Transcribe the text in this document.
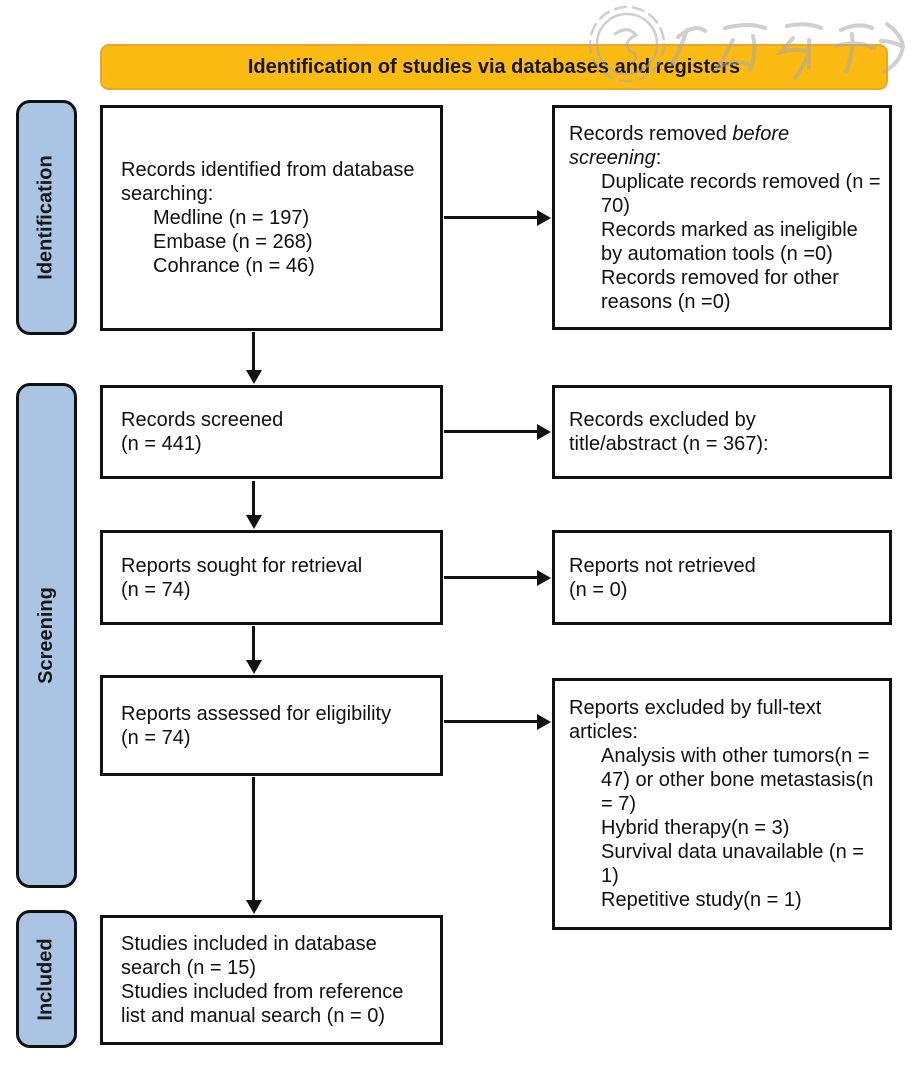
Identification of studies via databases and registers
Identification
Screening
Included
Records identified from database
searching:
Medline (n = 197)
Embase (n = 268)
Cohrance (n = 46)
Records removed before
screening:
Duplicate records removed (n = 70)
Records marked as ineligible by automation tools (n =0)
Records removed for other reasons (n =0)
Records screened
(n = 441)
Records excluded by
title/abstract (n = 367):
Reports sought for retrieval
(n = 74)
Reports not retrieved
(n = 0)
Reports assessed for eligibility
(n = 74)
Reports excluded by full-text
articles:
Analysis with other tumors(n = 47) or other bone metastasis(n = 7)
Hybrid therapy(n = 3)
Survival data unavailable (n = 1)
Repetitive study(n = 1)
Studies included in database search (n = 15)
Studies included from reference list and manual search (n = 0)
